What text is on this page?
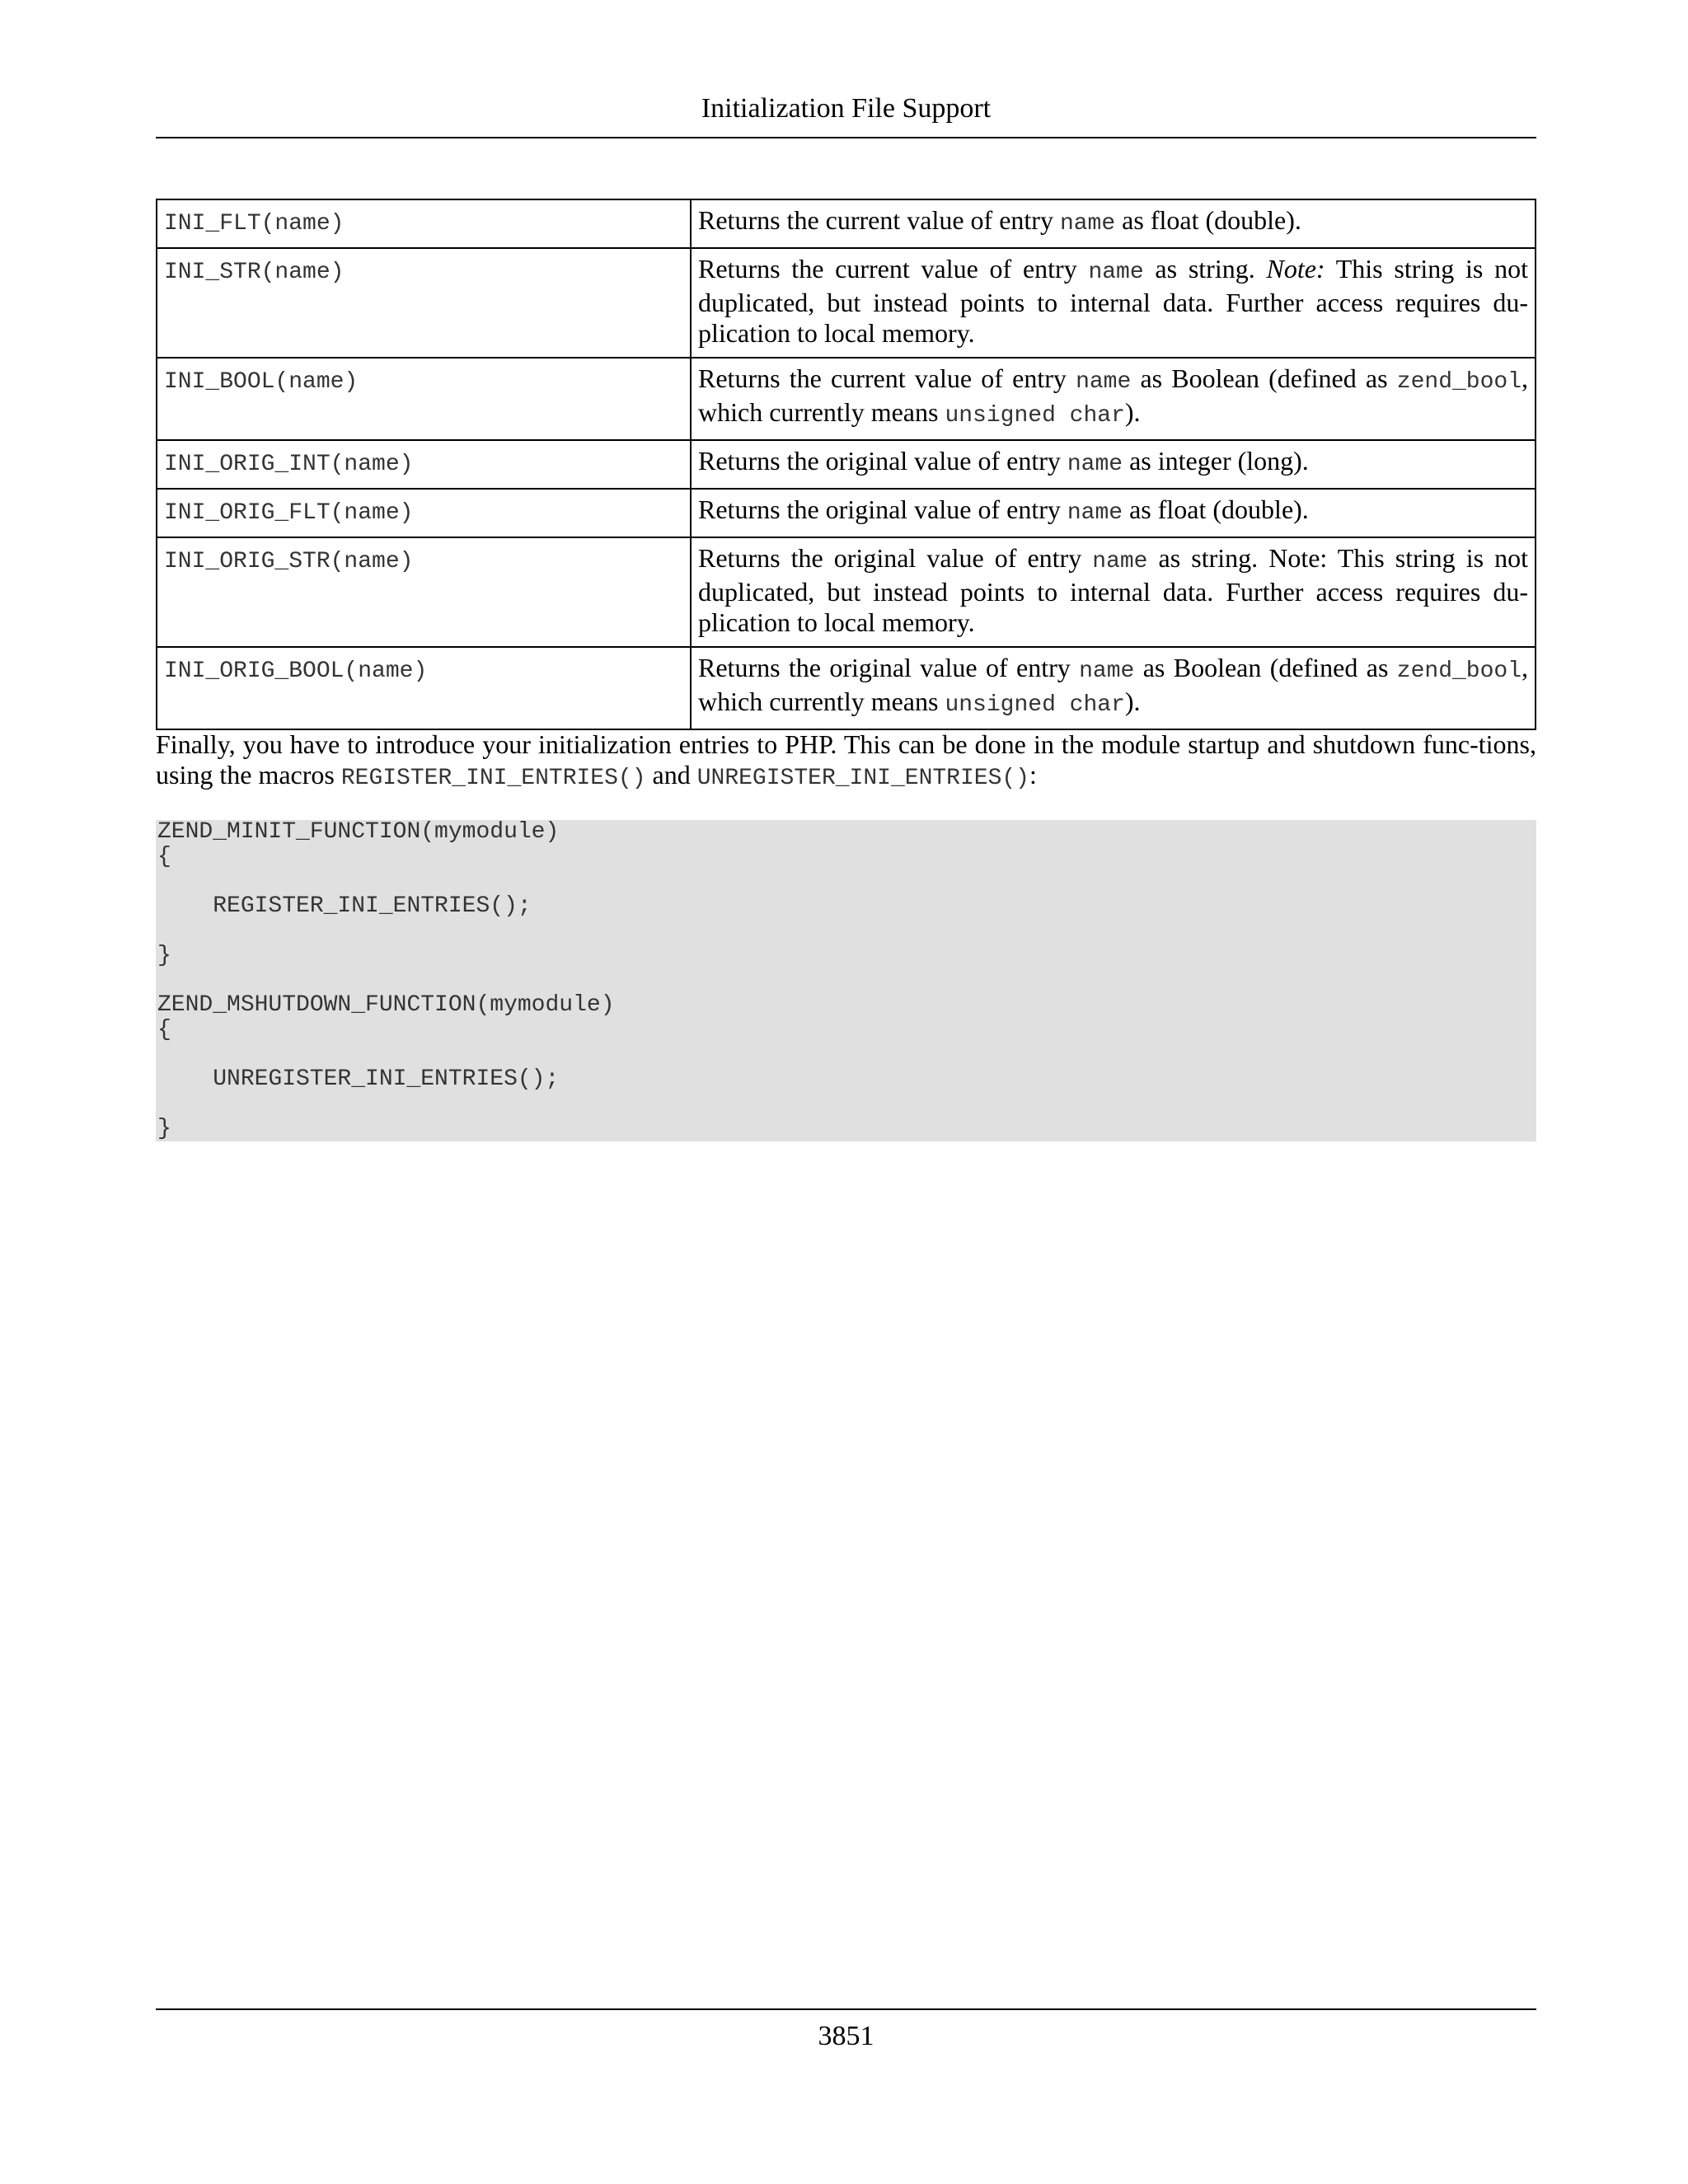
Initialization File Support
INI_FLT(name)	Returns the current value of entry name as float (double).
INI_STR(name)	Returns the current value of entry name as string. Note: This string is not duplicated, but instead points to internal data. Further access requires du-plication to local memory.
INI_BOOL(name)	Returns the current value of entry name as Boolean (defined as zend_bool, which currently means unsigned char).
INI_ORIG_INT(name)	Returns the original value of entry name as integer (long).
INI_ORIG_FLT(name)	Returns the original value of entry name as float (double).
INI_ORIG_STR(name)	Returns the original value of entry name as string. Note: This string is not duplicated, but instead points to internal data. Further access requires du-plication to local memory.
INI_ORIG_BOOL(name)	Returns the original value of entry name as Boolean (defined as zend_bool, which currently means unsigned char).

Finally, you have to introduce your initialization entries to PHP. This can be done in the module startup and shutdown func-tions, using the macros REGISTER_INI_ENTRIES() and UNREGISTER_INI_ENTRIES():

ZEND_MINIT_FUNCTION(mymodule)
{
REGISTER_INI_ENTRIES();
}
ZEND_MSHUTDOWN_FUNCTION(mymodule)
{
UNREGISTER_INI_ENTRIES();
}
3851
